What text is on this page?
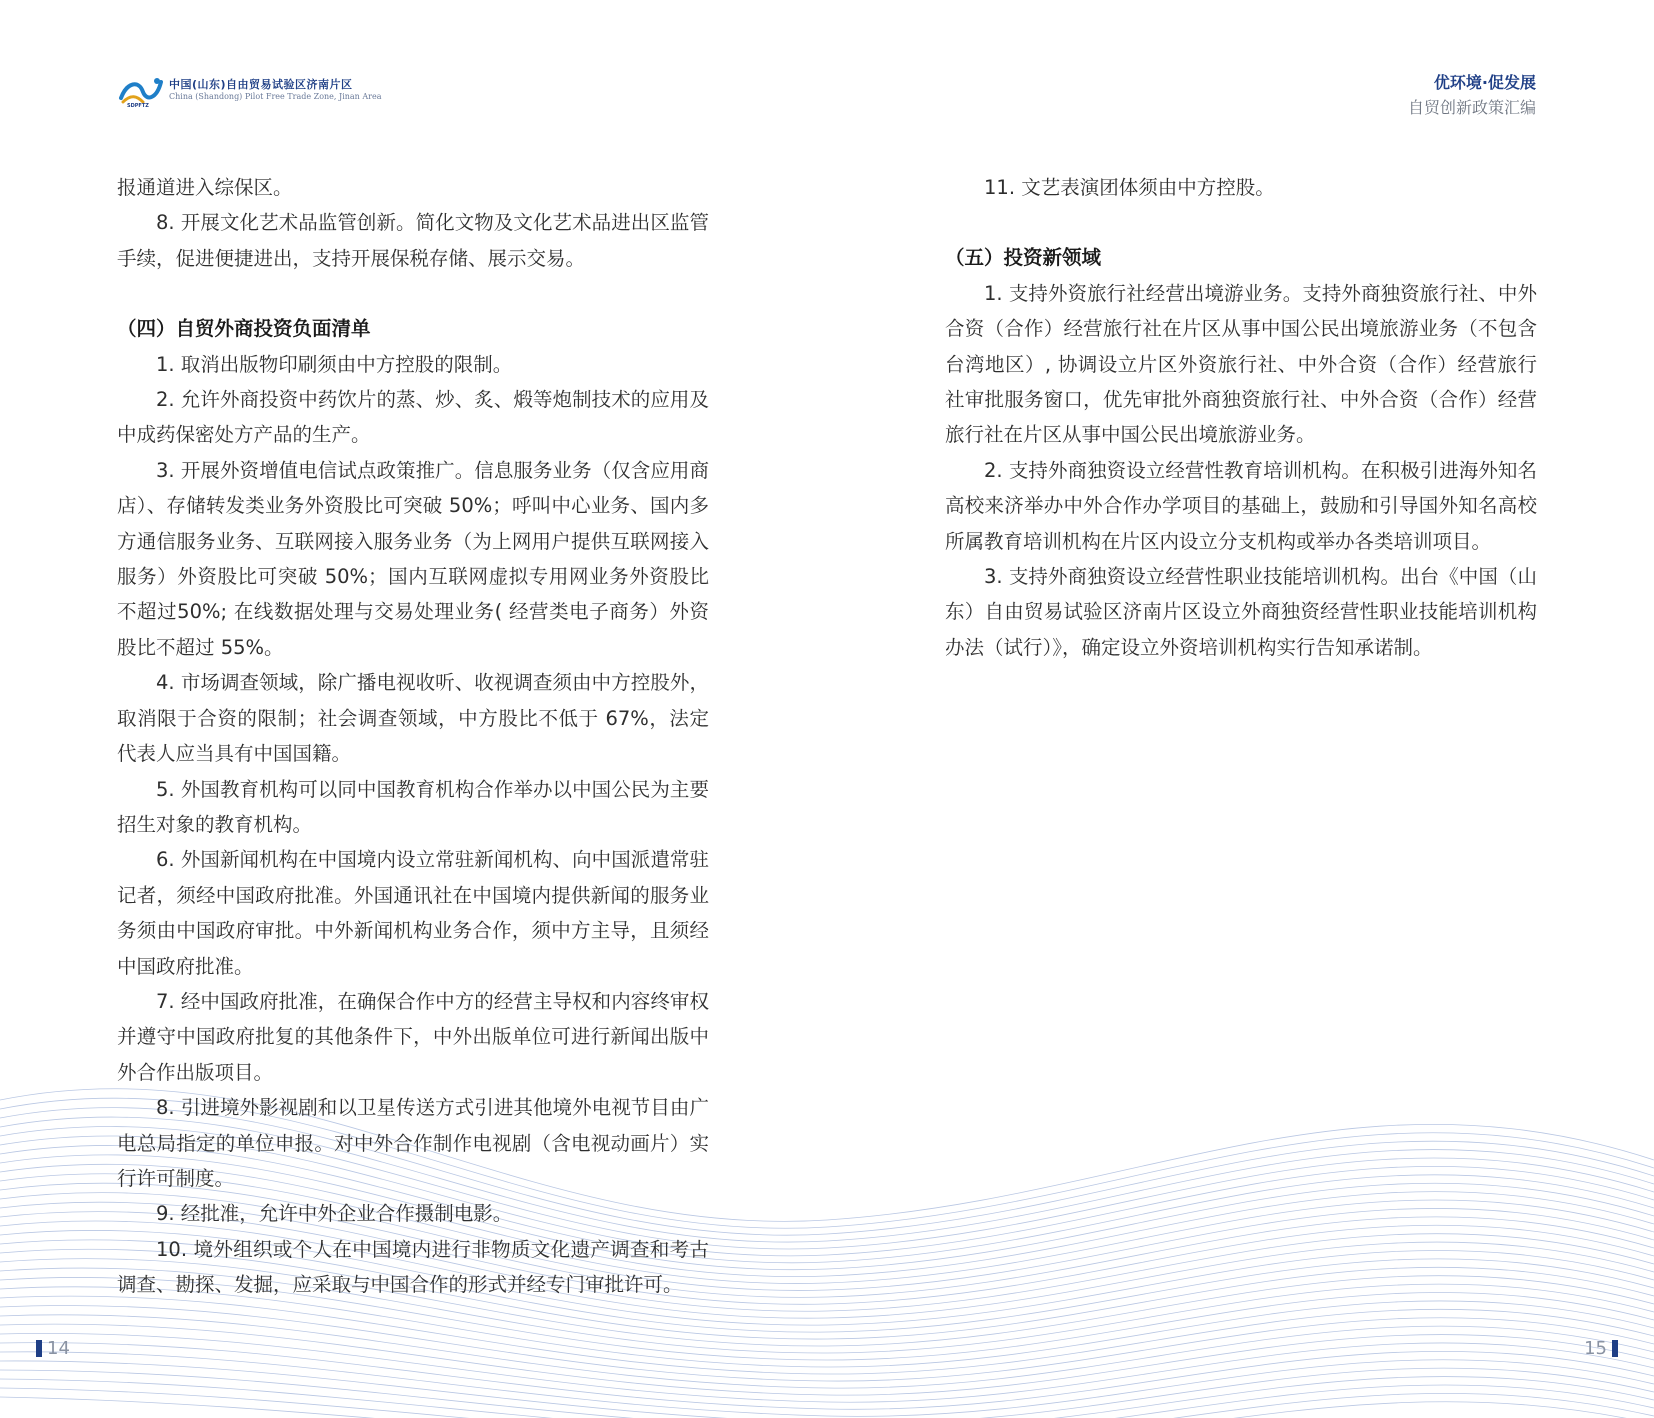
SDPFTZ
中国(山东)自由贸易试验区济南片区
China (Shandong) Pilot Free Trade Zone, Jinan Area

报通道进入综保区。

8. 开展文化艺术品监管创新。简化文物及文化艺术品进出区监管手续，促进便捷进出，支持开展保税存储、展示交易。

（四）自贸外商投资负面清单

1. 取消出版物印刷须由中方控股的限制。

2. 允许外商投资中药饮片的蒸、炒、炙、煅等炮制技术的应用及中成药保密处方产品的生产。

3. 开展外资增值电信试点政策推广。信息服务业务（仅含应用商店）、存储转发类业务外资股比可突破 50%；呼叫中心业务、国内多方通信服务业务、互联网接入服务业务（为上网用户提供互联网接入服务）外资股比可突破 50%；国内互联网虚拟专用网业务外资股比不超过50%; 在线数据处理与交易处理业务( 经营类电子商务）外资股比不超过 55%。

4. 市场调查领域，除广播电视收听、收视调查须由中方控股外，取消限于合资的限制；社会调查领域，中方股比不低于 67%，法定代表人应当具有中国国籍。

5. 外国教育机构可以同中国教育机构合作举办以中国公民为主要招生对象的教育机构。

6. 外国新闻机构在中国境内设立常驻新闻机构、向中国派遣常驻记者，须经中国政府批准。外国通讯社在中国境内提供新闻的服务业务须由中国政府审批。中外新闻机构业务合作，须中方主导，且须经中国政府批准。

7. 经中国政府批准，在确保合作中方的经营主导权和内容终审权并遵守中国政府批复的其他条件下，中外出版单位可进行新闻出版中外合作出版项目。

8. 引进境外影视剧和以卫星传送方式引进其他境外电视节目由广电总局指定的单位申报。对中外合作制作电视剧（含电视动画片）实行许可制度。

9. 经批准，允许中外企业合作摄制电影。

10. 境外组织或个人在中国境内进行非物质文化遗产调查和考古调查、勘探、发掘，应采取与中国合作的形式并经专门审批许可。

14
优环境·促发展
自贸创新政策汇编

11. 文艺表演团体须由中方控股。

（五）投资新领域

1. 支持外资旅行社经营出境游业务。支持外商独资旅行社、中外合资（合作）经营旅行社在片区从事中国公民出境旅游业务（不包含台湾地区）, 协调设立片区外资旅行社、中外合资（合作）经营旅行社审批服务窗口，优先审批外商独资旅行社、中外合资（合作）经营旅行社在片区从事中国公民出境旅游业务。

2. 支持外商独资设立经营性教育培训机构。在积极引进海外知名高校来济举办中外合作办学项目的基础上，鼓励和引导国外知名高校所属教育培训机构在片区内设立分支机构或举办各类培训项目。

3. 支持外商独资设立经营性职业技能培训机构。出台《中国（山东）自由贸易试验区济南片区设立外商独资经营性职业技能培训机构办法（试行）》，确定设立外资培训机构实行告知承诺制。

15
